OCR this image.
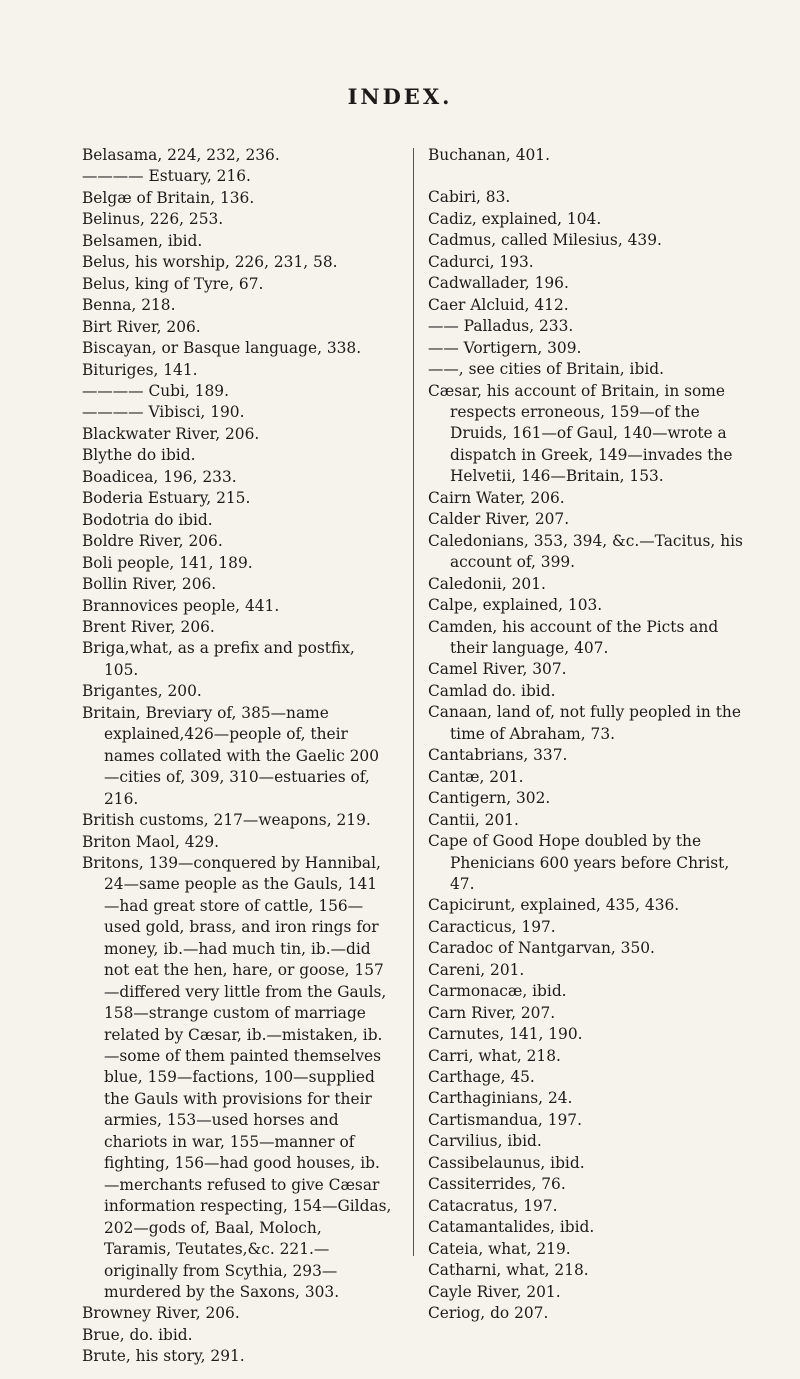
INDEX.
Belasama, 224, 232, 236.
———— Estuary, 216.
Belgæ of Britain, 136.
Belinus, 226, 253.
Belsamen, ibid.
Belus, his worship, 226, 231, 58.
Belus, king of Tyre, 67.
Benna, 218.
Birt River, 206.
Biscayan, or Basque language, 338.
Bituriges, 141.
———— Cubi, 189.
———— Vibisci, 190.
Blackwater River, 206.
Blythe do ibid.
Boadicea, 196, 233.
Boderia Estuary, 215.
Bodotria do ibid.
Boldre River, 206.
Boli people, 141, 189.
Bollin River, 206.
Brannovices people, 441.
Brent River, 206.
Briga,what, as a prefix and postfix, 105.
Brigantes, 200.
Britain, Breviary of, 385—name explained,426—people of, their names collated with the Gaelic 200—cities of, 309, 310—estuaries of, 216.
British customs, 217—weapons, 219.
Briton Maol, 429.
Britons, 139—conquered by Hannibal, 24—same people as the Gauls, 141—had great store of cattle, 156—used gold, brass, and iron rings for money, ib.—had much tin, ib.—did not eat the hen, hare, or goose, 157—differed very little from the Gauls, 158—strange custom of marriage related by Cæsar, ib.—mistaken, ib.—some of them painted themselves blue, 159—factions, 100—supplied the Gauls with provisions for their armies, 153—used horses and chariots in war, 155—manner of fighting, 156—had good houses, ib.—merchants refused to give Cæsar information respecting, 154—Gildas, 202—gods of, Baal, Moloch, Taramis, Teutates,&c. 221.—originally from Scythia, 293—murdered by the Saxons, 303.
Browney River, 206.
Brue, do. ibid.
Brute, his story, 291.
Buchanan, 401.
Cabiri, 83.
Cadiz, explained, 104.
Cadmus, called Milesius, 439.
Cadurci, 193.
Cadwallader, 196.
Caer Alcluid, 412.
—— Palladus, 233.
—— Vortigern, 309.
——, see cities of Britain, ibid.
Cæsar, his account of Britain, in some respects erroneous, 159—of the Druids, 161—of Gaul, 140—wrote a dispatch in Greek, 149—invades the Helvetii, 146—Britain, 153.
Cairn Water, 206.
Calder River, 207.
Caledonians, 353, 394, &c.—Tacitus, his account of, 399.
Caledonii, 201.
Calpe, explained, 103.
Camden, his account of the Picts and their language, 407.
Camel River, 307.
Camlad do. ibid.
Canaan, land of, not fully peopled in the time of Abraham, 73.
Cantabrians, 337.
Cantæ, 201.
Cantigern, 302.
Cantii, 201.
Cape of Good Hope doubled by the Phenicians 600 years before Christ, 47.
Capicirunt, explained, 435, 436.
Caracticus, 197.
Caradoc of Nantgarvan, 350.
Careni, 201.
Carmonacæ, ibid.
Carn River, 207.
Carnutes, 141, 190.
Carri, what, 218.
Carthage, 45.
Carthaginians, 24.
Cartismandua, 197.
Carvilius, ibid.
Cassibelaunus, ibid.
Cassiterrides, 76.
Catacratus, 197.
Catamantalides, ibid.
Cateia, what, 219.
Catharni, what, 218.
Cayle River, 201.
Ceriog, do 207.
